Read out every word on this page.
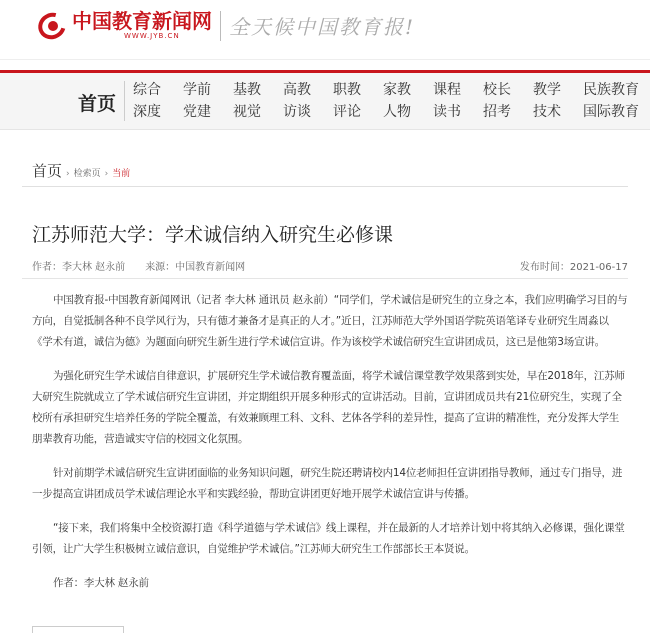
中国教育新闻网
WWW.JYB.CN	全天候中国教育报!
首页
综合	学前	基教	高教	职教	家教	课程	校长	教学	民族教育
深度	党建	视觉	访谈	评论	人物	读书	招考	技术	国际教育
首页 › 检索页 › 当前
江苏师范大学：学术诚信纳入研究生必修课
作者：李大林 赵永前 来源：中国教育新闻网	发布时间：2021-06-17

中国教育报-中国教育新闻网讯（记者 李大林 通讯员 赵永前）“同学们，学术诚信是研究生的立身之本，我们应明确学习目的与方向，自觉抵制各种不良学风行为，只有德才兼备才是真正的人才。”近日，江苏师范大学外国语学院英语笔译专业研究生周淼以《学术有道，诚信为德》为题面向研究生新生进行学术诚信宣讲。作为该校学术诚信研究生宣讲团成员，这已是他第3场宣讲。

为强化研究生学术诚信自律意识，扩展研究生学术诚信教育覆盖面，将学术诚信课堂教学效果落到实处，早在2018年，江苏师大研究生院就成立了学术诚信研究生宣讲团，并定期组织开展多种形式的宣讲活动。目前，宣讲团成员共有21位研究生，实现了全校所有承担研究生培养任务的学院全覆盖，有效兼顾理工科、文科、艺体各学科的差异性，提高了宣讲的精准性，充分发挥大学生朋辈教育功能，营造诚实守信的校园文化氛围。

针对前期学术诚信研究生宣讲团面临的业务知识问题，研究生院还聘请校内14位老师担任宣讲团指导教师，通过专门指导，进一步提高宣讲团成员学术诚信理论水平和实践经验，帮助宣讲团更好地开展学术诚信宣讲与传播。

“接下来，我们将集中全校资源打造《科学道德与学术诚信》线上课程，并在最新的人才培养计划中将其纳入必修课，强化课堂引领，让广大学生积极树立诚信意识，自觉维护学术诚信。”江苏师大研究生工作部部长王本贤说。

作者：李大林 赵永前
